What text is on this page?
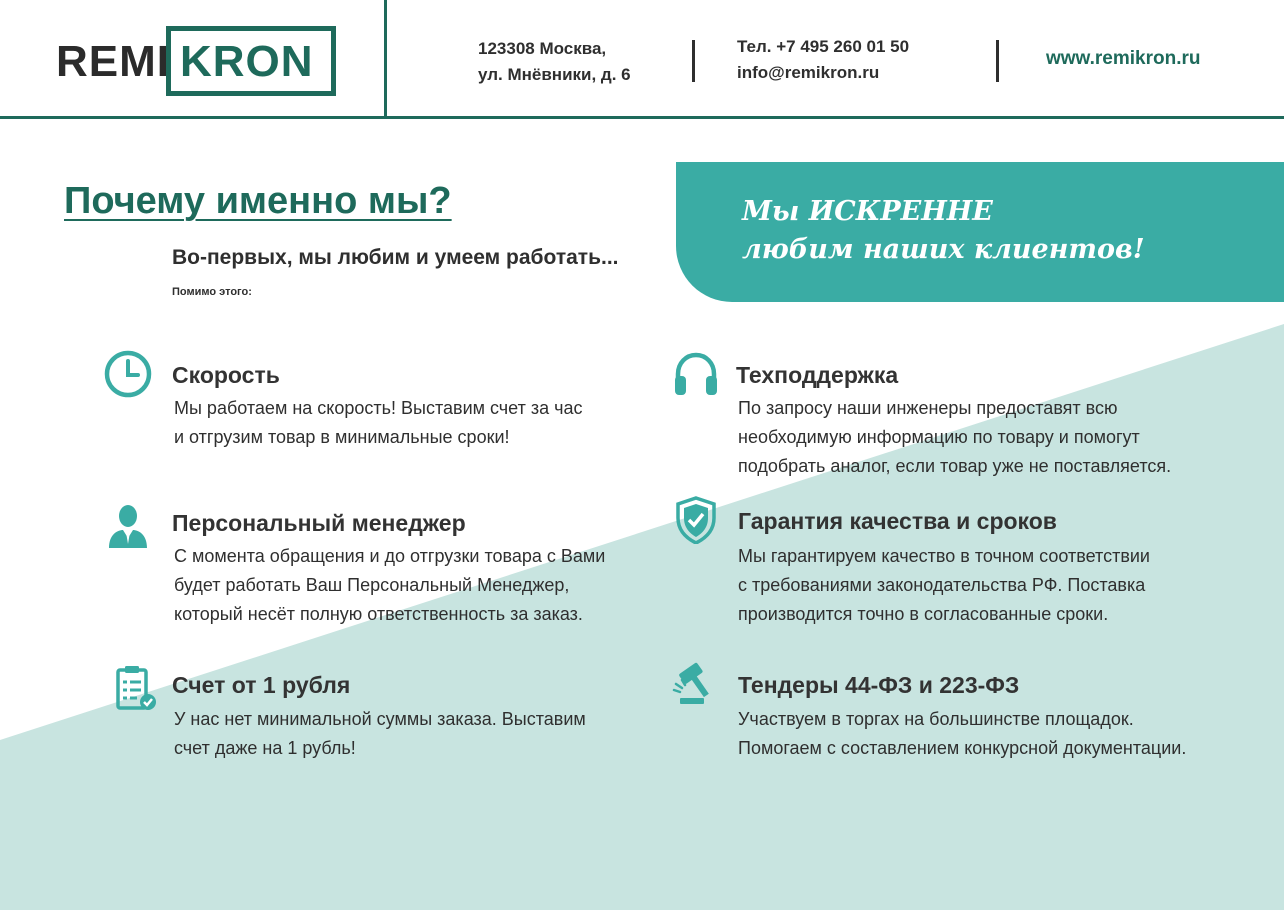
REMI KRON	123308 Москва,
ул. Мнёвники, д. 6
Тел. +7 495 260 01 50
info@remikron.ru
www.remikron.ru
Почему именно мы?
Во-первых, мы любим и умеем работать...
Помимо этого:
Мы ИСКРЕННЕ
любим наших клиентов!
Скорость
Мы работаем на скорость! Выставим счет за час
и отгрузим товар в минимальные сроки!
Персональный менеджер
С момента обращения и до отгрузки товара с Вами
будет работать Ваш Персональный Менеджер,
который несёт полную ответственность за заказ.
Счет от 1 рубля
У нас нет минимальной суммы заказа. Выставим
счет даже на 1 рубль!
Техподдержка
По запросу наши инженеры предоставят всю
необходимую информацию по товару и помогут
подобрать аналог, если товар уже не поставляется.
Гарантия качества и сроков
Мы гарантируем качество в точном соответствии
с требованиями законодательства РФ. Поставка
производится точно в согласованные сроки.
Тендеры 44-ФЗ и 223-ФЗ
Участвуем в торгах на большинстве площадок.
Помогаем с составлением конкурсной документации.
